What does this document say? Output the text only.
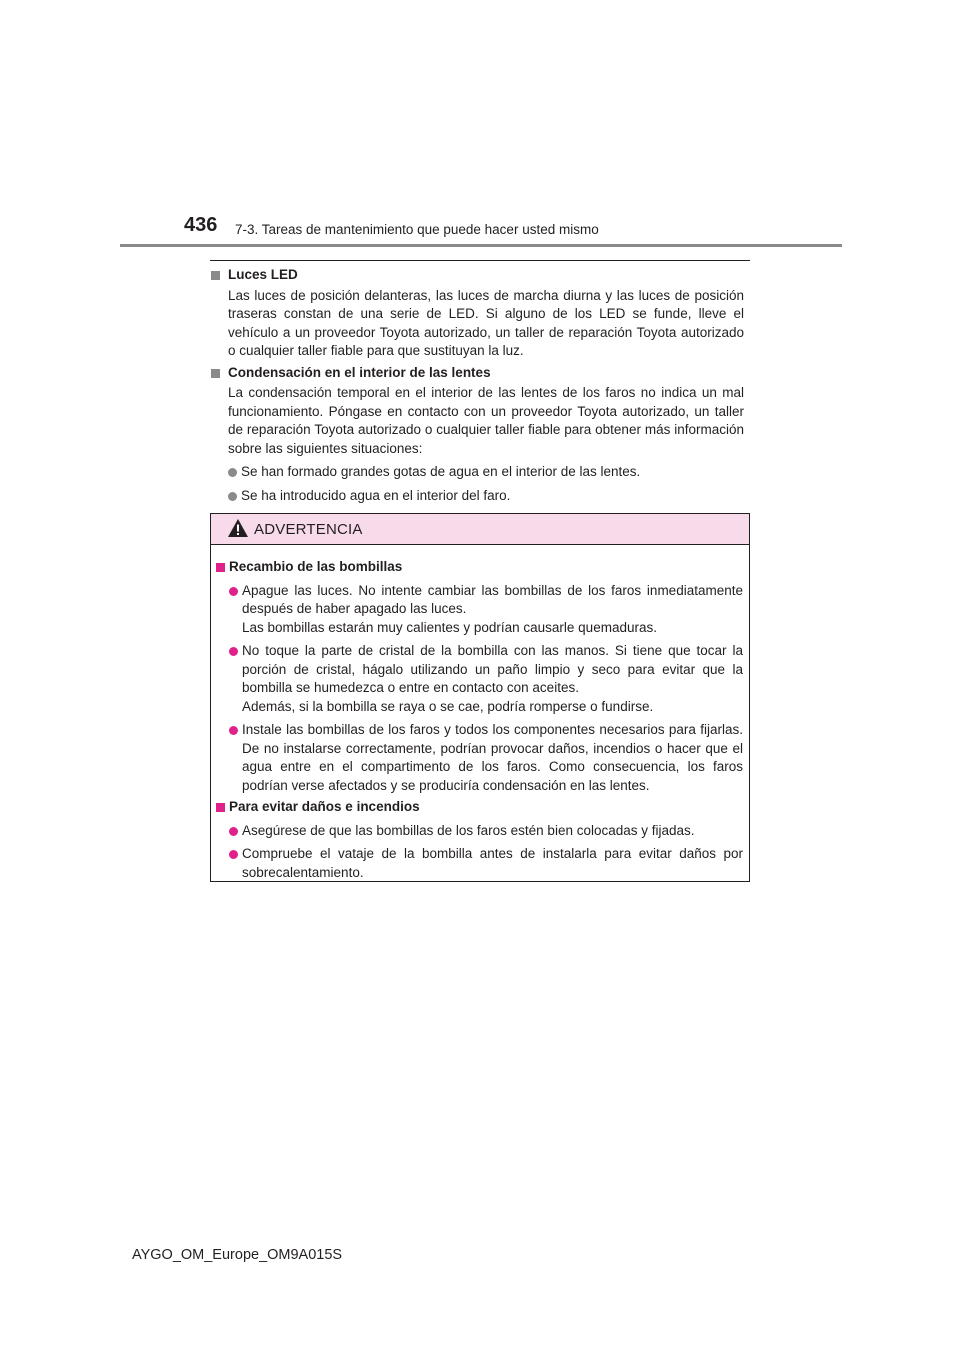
436 7-3. Tareas de mantenimiento que puede hacer usted mismo
Luces LED
Las luces de posición delanteras, las luces de marcha diurna y las luces de posición traseras constan de una serie de LED. Si alguno de los LED se funde, lleve el vehículo a un proveedor Toyota autorizado, un taller de reparación Toyota autorizado o cualquier taller fiable para que sustituyan la luz.
Condensación en el interior de las lentes
La condensación temporal en el interior de las lentes de los faros no indica un mal funcionamiento. Póngase en contacto con un proveedor Toyota autorizado, un taller de reparación Toyota autorizado o cualquier taller fiable para obtener más información sobre las siguientes situaciones:
Se han formado grandes gotas de agua en el interior de las lentes.
Se ha introducido agua en el interior del faro.
ADVERTENCIA
Recambio de las bombillas
Apague las luces. No intente cambiar las bombillas de los faros inmediatamente después de haber apagado las luces.
Las bombillas estarán muy calientes y podrían causarle quemaduras.
No toque la parte de cristal de la bombilla con las manos. Si tiene que tocar la porción de cristal, hágalo utilizando un paño limpio y seco para evitar que la bombilla se humedezca o entre en contacto con aceites.
Además, si la bombilla se raya o se cae, podría romperse o fundirse.
Instale las bombillas de los faros y todos los componentes necesarios para fijarlas. De no instalarse correctamente, podrían provocar daños, incendios o hacer que el agua entre en el compartimento de los faros. Como consecuencia, los faros podrían verse afectados y se produciría condensación en las lentes.
Para evitar daños e incendios
Asegúrese de que las bombillas de los faros estén bien colocadas y fijadas.
Compruebe el vataje de la bombilla antes de instalarla para evitar daños por sobrecalentamiento.
AYGO_OM_Europe_OM9A015S
